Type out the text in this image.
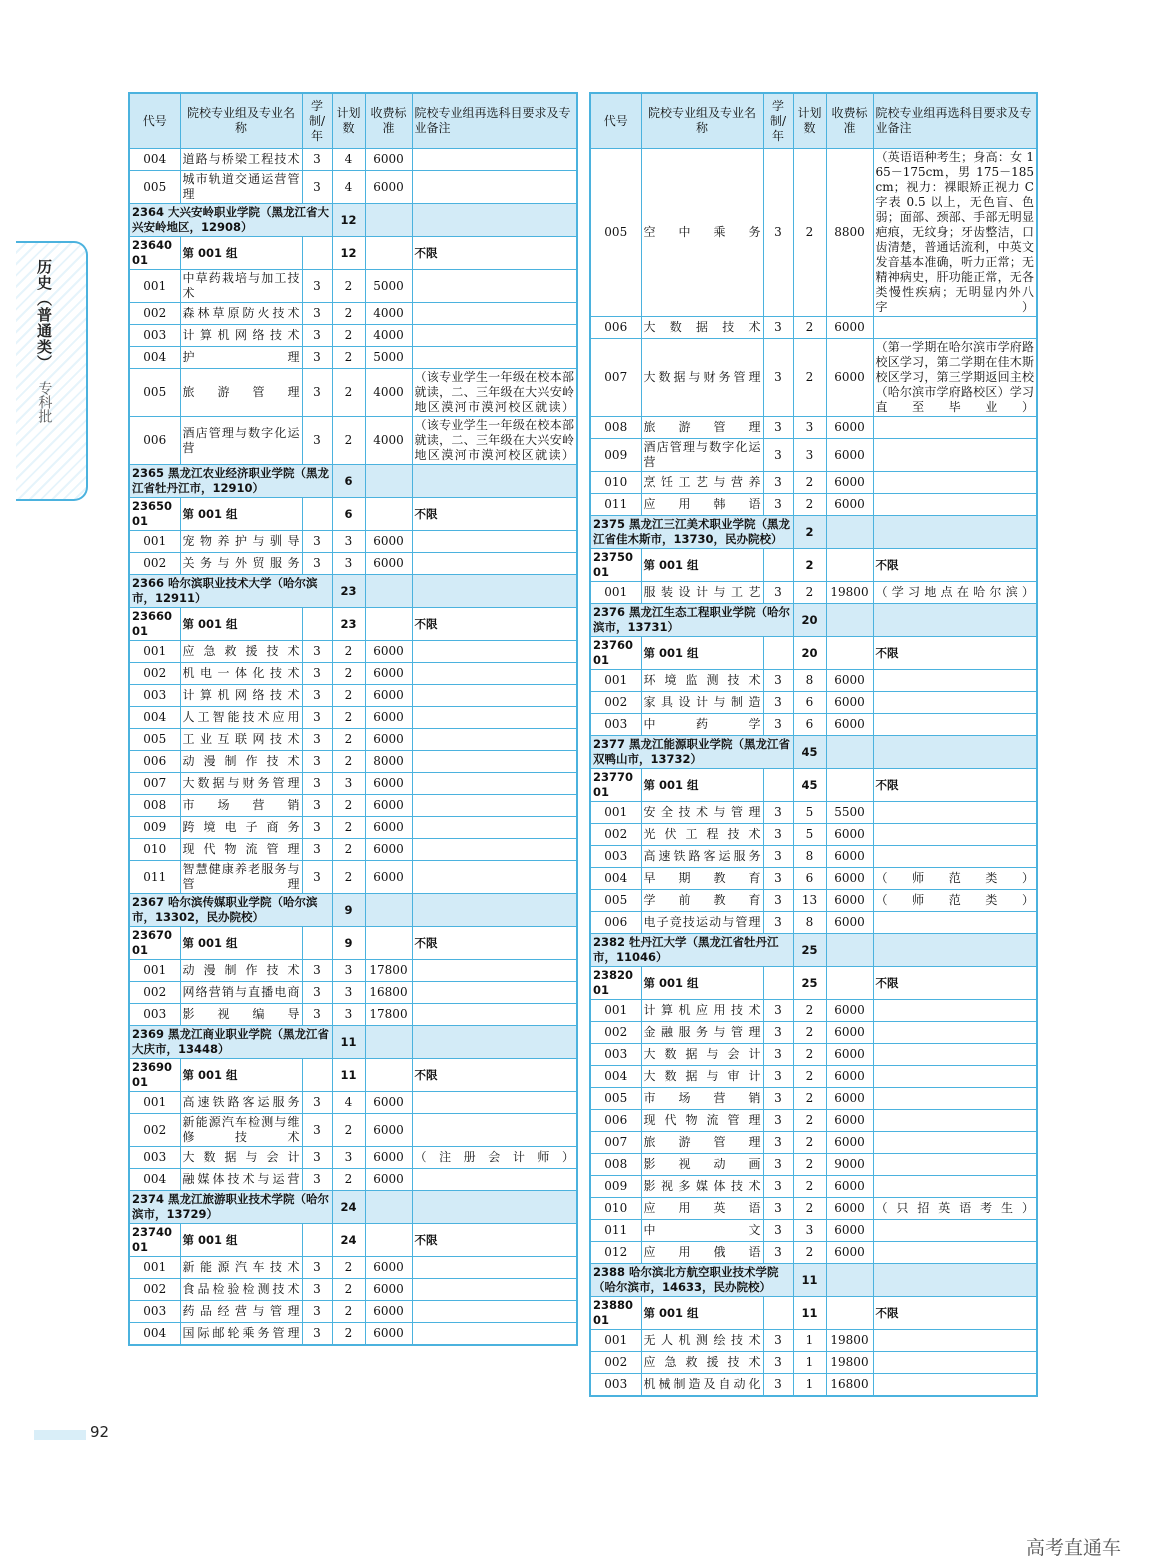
历史（普通类）
专科批
92
高考直通车
代号	院校专业组及专业名称	学制/年	计划数	收费标准	院校专业组再选科目要求及专业备注
004	道路与桥梁工程技术	3	4	6000	
005	城市轨道交通运营管理	3	4	6000	
2364 大兴安岭职业学院（黑龙江省大兴安岭地区，12908）			12		
2364001	第 001 组		12		不限
001	中草药栽培与加工技术	3	2	5000	
002	森林草原防火技术	3	2	4000	
003	计算机网络技术	3	2	4000	
004	护理	3	2	5000	
005	旅游管理	3	2	4000	（该专业学生一年级在校本部就读，二、三年级在大兴安岭地区漠河市漠河校区就读）
006	酒店管理与数字化运营	3	2	4000	（该专业学生一年级在校本部就读，二、三年级在大兴安岭地区漠河市漠河校区就读）
2365 黑龙江农业经济职业学院（黑龙江省牡丹江市，12910）			6		
2365001	第 001 组		6		不限
001	宠物养护与驯导	3	3	6000	
002	关务与外贸服务	3	3	6000	
2366 哈尔滨职业技术大学（哈尔滨市，12911）			23		
2366001	第 001 组		23		不限
001	应急救援技术	3	2	6000	
002	机电一体化技术	3	2	6000	
003	计算机网络技术	3	2	6000	
004	人工智能技术应用	3	2	6000	
005	工业互联网技术	3	2	6000	
006	动漫制作技术	3	2	8000	
007	大数据与财务管理	3	3	6000	
008	市场营销	3	2	6000	
009	跨境电子商务	3	2	6000	
010	现代物流管理	3	2	6000	
011	智慧健康养老服务与管理	3	2	6000	
2367 哈尔滨传媒职业学院（哈尔滨市，13302，民办院校）			9		
2367001	第 001 组		9		不限
001	动漫制作技术	3	3	17800	
002	网络营销与直播电商	3	3	16800	
003	影视编导	3	3	17800	
2369 黑龙江商业职业学院（黑龙江省大庆市，13448）			11		
2369001	第 001 组		11		不限
001	高速铁路客运服务	3	4	6000	
002	新能源汽车检测与维修技术	3	2	6000	
003	大数据与会计	3	3	6000	（注册会计师）
004	融媒体技术与运营	3	2	6000	
2374 黑龙江旅游职业技术学院（哈尔滨市，13729）			24		
2374001	第 001 组		24		不限
001	新能源汽车技术	3	2	6000	
002	食品检验检测技术	3	2	6000	
003	药品经营与管理	3	2	6000	
004	国际邮轮乘务管理	3	2	6000	
代号	院校专业组及专业名称	学制/年	计划数	收费标准	院校专业组再选科目要求及专业备注
005	空中乘务	3	2	8800	（英语语种考生；身高：女 165－175cm，男 175－185cm；视力：裸眼矫正视力 C 字表 0.5 以上，无色盲、色弱；面部、颈部、手部无明显疤痕，无纹身；牙齿整洁，口齿清楚，普通话流利，中英文发音基本准确，听力正常；无精神病史，肝功能正常，无各类慢性疾病；无明显内外八字）
006	大数据技术	3	2	6000	
007	大数据与财务管理	3	2	6000	（第一学期在哈尔滨市学府路校区学习，第二学期在佳木斯校区学习，第三学期返回主校（哈尔滨市学府路校区）学习直至毕业）
008	旅游管理	3	3	6000	
009	酒店管理与数字化运营	3	3	6000	
010	烹饪工艺与营养	3	2	6000	
011	应用韩语	3	2	6000	
2375 黑龙江三江美术职业学院（黑龙江省佳木斯市，13730，民办院校）			2		
2375001	第 001 组		2		不限
001	服装设计与工艺	3	2	19800	（学习地点在哈尔滨）
2376 黑龙江生态工程职业学院（哈尔滨市，13731）			20		
2376001	第 001 组		20		不限
001	环境监测技术	3	8	6000	
002	家具设计与制造	3	6	6000	
003	中药学	3	6	6000	
2377 黑龙江能源职业学院（黑龙江省双鸭山市，13732）			45		
2377001	第 001 组		45		不限
001	安全技术与管理	3	5	5500	
002	光伏工程技术	3	5	6000	
003	高速铁路客运服务	3	8	6000	
004	早期教育	3	6	6000	（师范类）
005	学前教育	3	13	6000	（师范类）
006	电子竞技运动与管理	3	8	6000	
2382 牡丹江大学（黑龙江省牡丹江市，11046）			25		
2382001	第 001 组		25		不限
001	计算机应用技术	3	2	6000	
002	金融服务与管理	3	2	6000	
003	大数据与会计	3	2	6000	
004	大数据与审计	3	2	6000	
005	市场营销	3	2	6000	
006	现代物流管理	3	2	6000	
007	旅游管理	3	2	6000	
008	影视动画	3	2	9000	
009	影视多媒体技术	3	2	6000	
010	应用英语	3	2	6000	（只招英语考生）
011	中文	3	3	6000	
012	应用俄语	3	2	6000	
2388 哈尔滨北方航空职业技术学院（哈尔滨市，14633，民办院校）			11		
2388001	第 001 组		11		不限
001	无人机测绘技术	3	1	19800	
002	应急救援技术	3	1	19800	
003	机械制造及自动化	3	1	16800	
